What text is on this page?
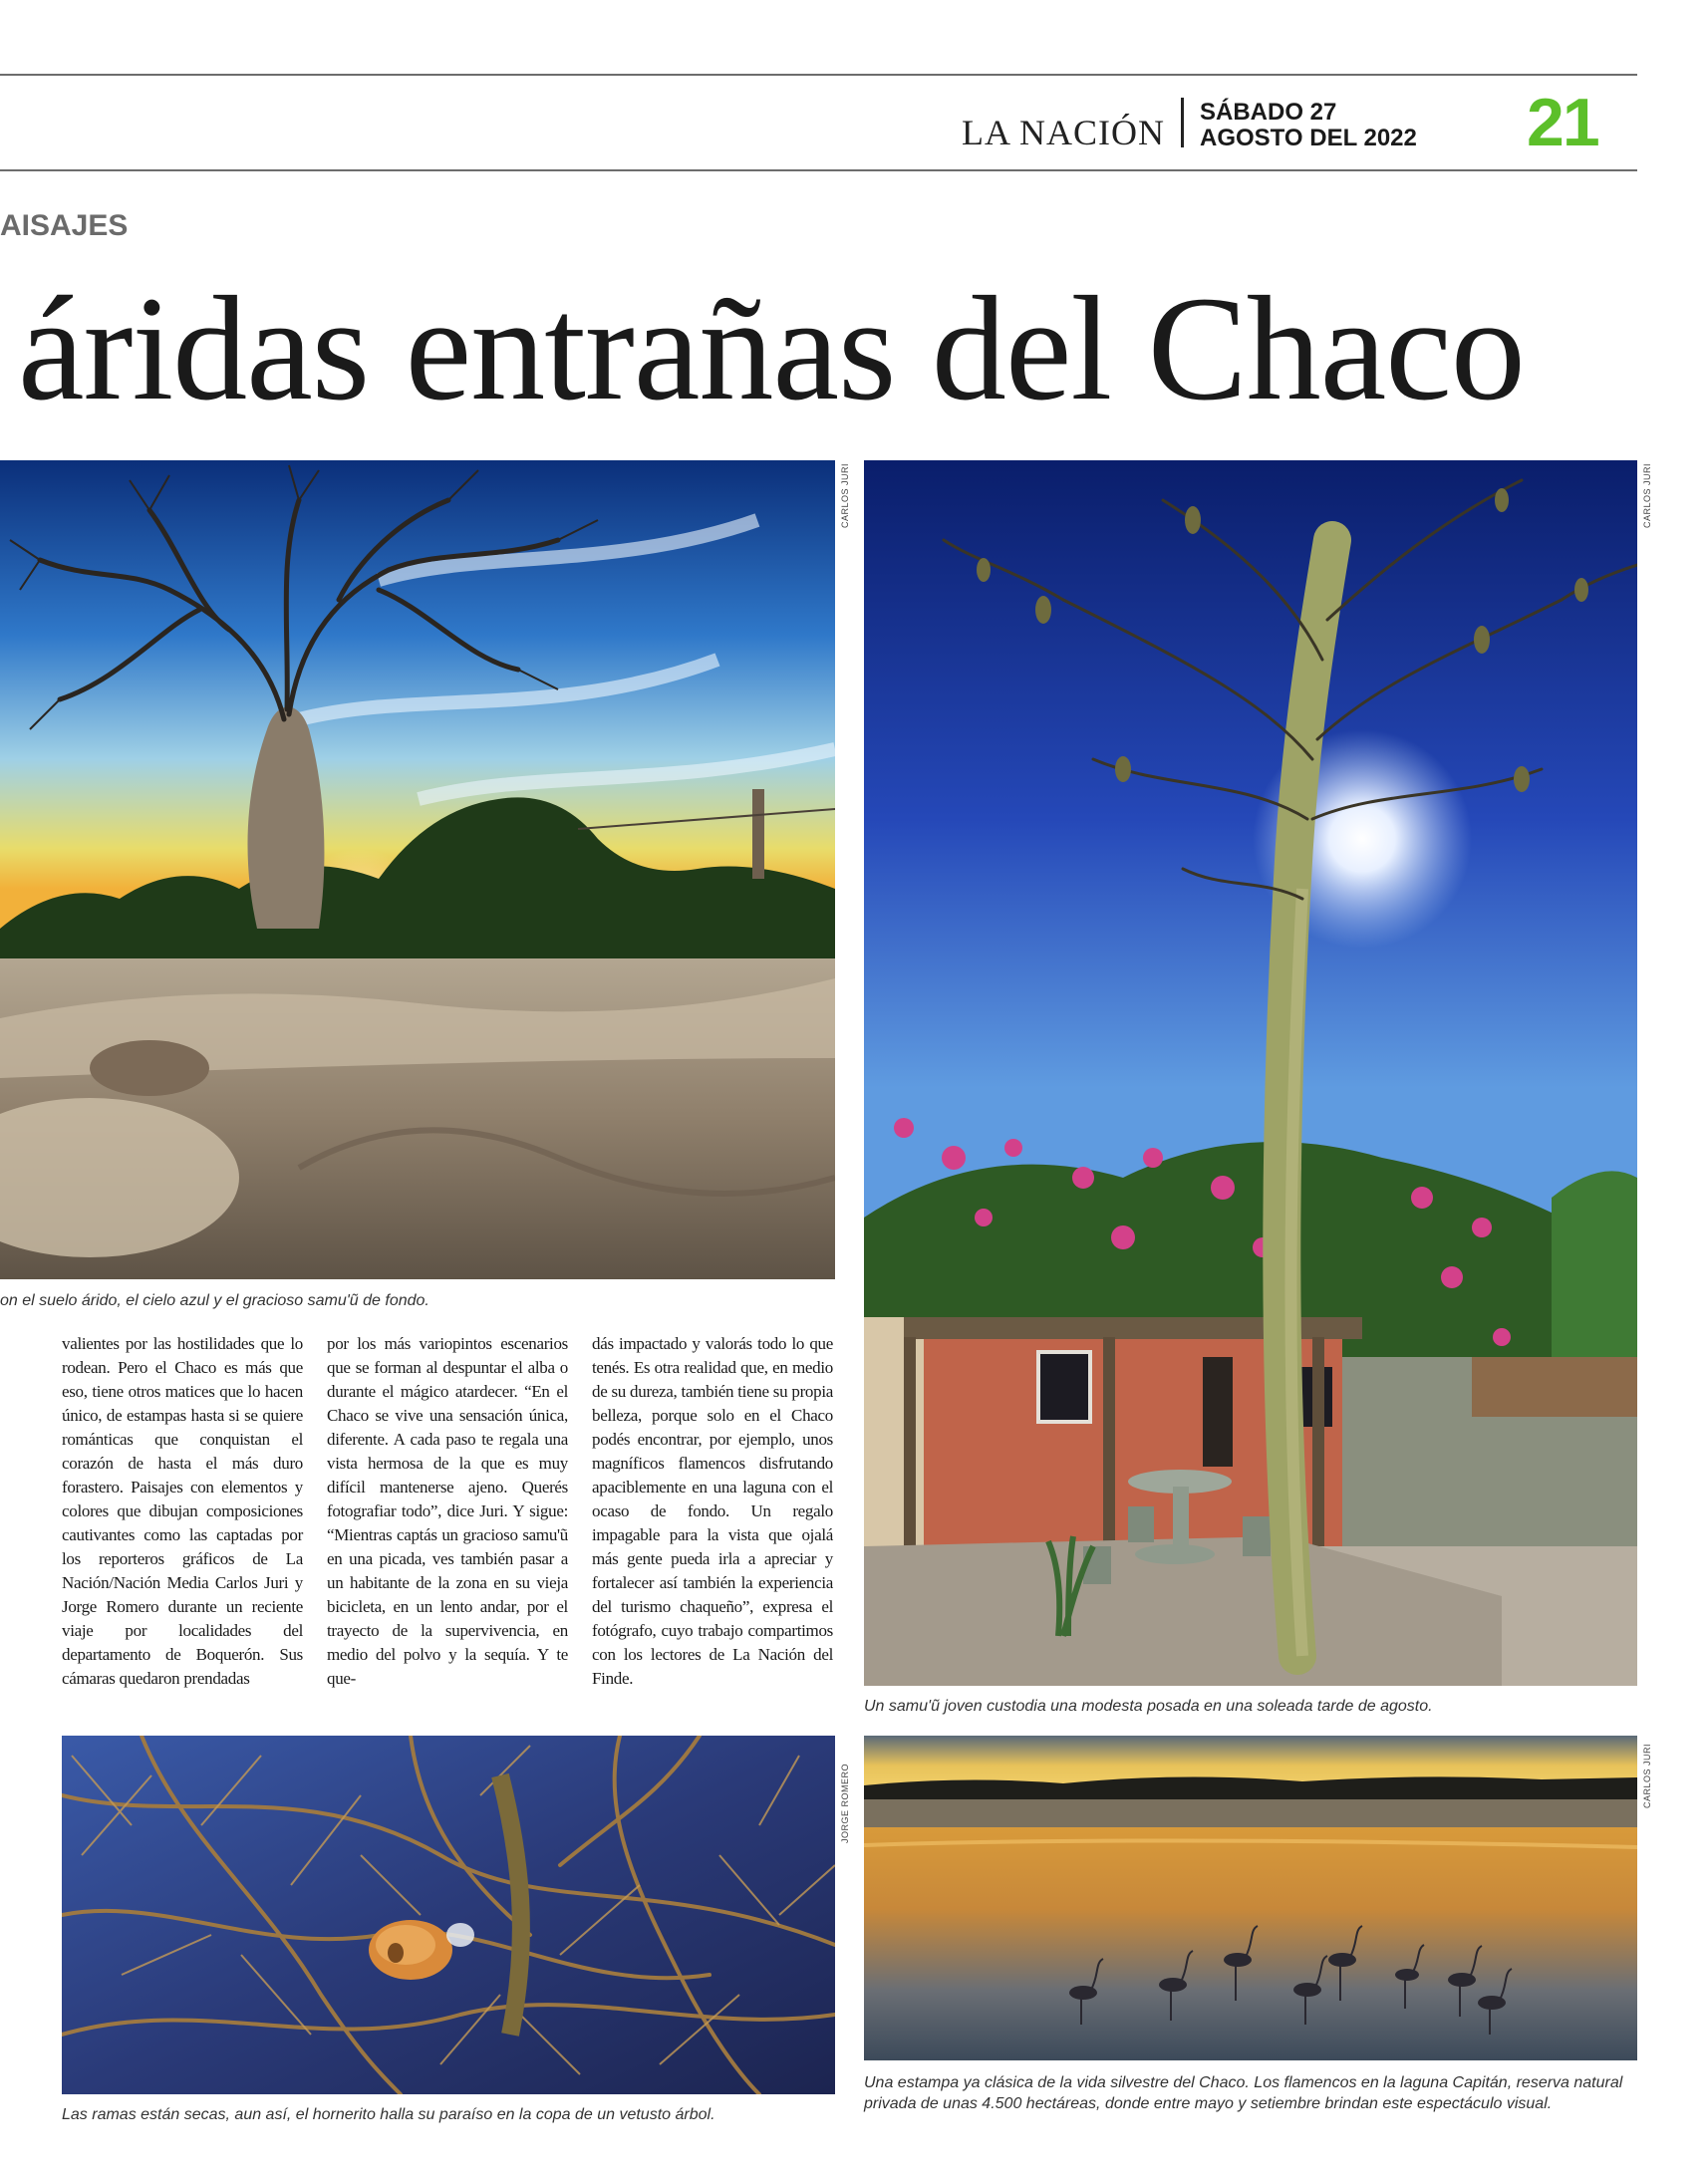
LA NACIÓN
SÁBADO 27
AGOSTO DEL 2022 21
AISAJES
áridas entrañas del Chaco
CARLOS JURI
on el suelo árido, el cielo azul y el gracioso samu'ũ de fondo.
CARLOS JURI
Un samu'ũ joven custodia una modesta posada en una soleada tarde de agosto.

valientes por las hostilidades que lo rodean. Pero el Chaco es más que eso, tiene otros matices que lo hacen único, de estampas hasta si se quiere románticas que conquistan el corazón de hasta el más duro forastero. Paisajes con elementos y colores que dibujan composiciones cautivantes como las captadas por los reporteros gráficos de La Nación/Nación Media Carlos Juri y Jorge Romero durante un reciente viaje por localidades del departamento de Boquerón. Sus cámaras quedaron prendadas

por los más variopintos escenarios que se forman al despuntar el alba o durante el mágico atardecer. “En el Chaco se vive una sensación única, diferente. A cada paso te regala una vista hermosa de la que es muy difícil mantenerse ajeno. Querés fotografiar todo”, dice Juri. Y sigue: “Mientras captás un gracioso samu'ũ en una picada, ves también pasar a un habitante de la zona en su vieja bicicleta, en un lento andar, por el trayecto de la supervivencia, en medio del polvo y la sequía. Y te que-

dás impactado y valorás todo lo que tenés. Es otra realidad que, en medio de su dureza, también tiene su propia belleza, porque solo en el Chaco podés encontrar, por ejemplo, unos magníficos flamencos disfrutando apaciblemente en una laguna con el ocaso de fondo. Un regalo impagable para la vista que ojalá más gente pueda irla a apreciar y fortalecer así también la experiencia del turismo chaqueño”, expresa el fotógrafo, cuyo trabajo compartimos con los lectores de La Nación del Finde.

JORGE ROMERO
Las ramas están secas, aun así, el hornerito halla su paraíso en la copa de un vetusto árbol.
CARLOS JURI
Una estampa ya clásica de la vida silvestre del Chaco. Los flamencos en la laguna Capitán, reserva natural privada de unas 4.500 hectáreas, donde entre mayo y setiembre brindan este espectáculo visual.
